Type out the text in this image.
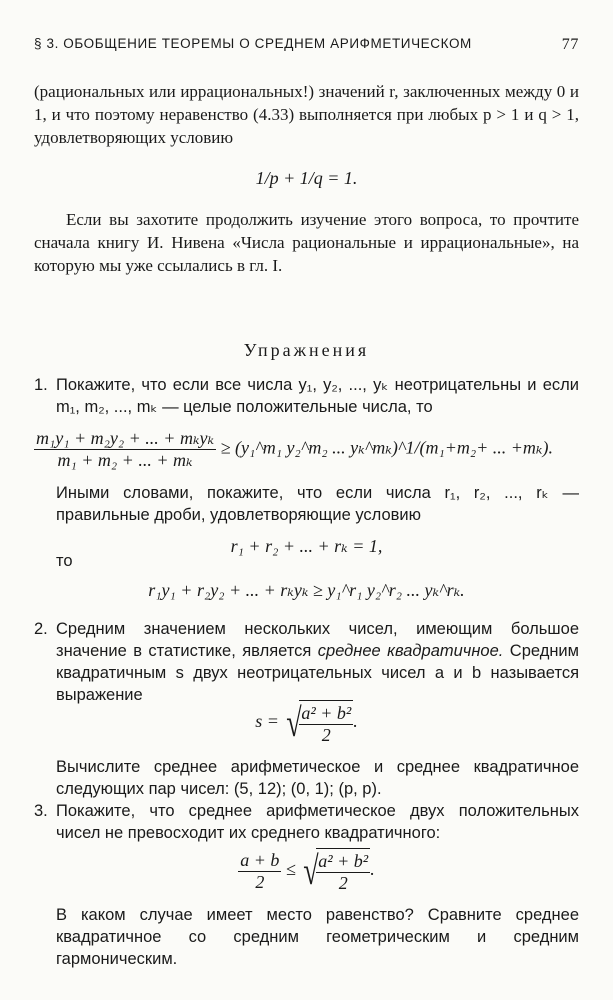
§ 3. ОБОБЩЕНИЕ ТЕОРЕМЫ О СРЕДНЕМ АРИФМЕТИЧЕСКОМ	77
(рациональных или иррациональных!) значений r, заключенных между 0 и 1, и что поэтому неравенство (4.33) выполняется при любых p > 1 и q > 1, удовлетворяющих условию
1/p + 1/q = 1.
Если вы захотите продолжить изучение этого вопроса, то прочтите сначала книгу И. Нивена «Числа рациональные и иррациональные», на которую мы уже ссылались в гл. I.
Упражнения
1. Покажите, что если все числа y₁, y₂, ..., yₖ неотрицательны и если m₁, m₂, ..., mₖ — целые положительные числа, то
$\frac{\text{m₁y₁ + m₂y₂ + ... + mₖyₖ}}{\text{m₁ + m₂ + ... + mₖ}}$ ≥ (y₁^m₁ y₂^m₂ ... yₖ^mₖ)^1/(m₁+m₂+ ... +mₖ).
Иными словами, покажите, что если числа r₁, r₂, ..., rₖ — правильные дроби, удовлетворяющие условию
r₁ + r₂ + ... + rₖ = 1,
то
r₁y₁ + r₂y₂ + ... + rₖyₖ ≥ y₁^r₁ y₂^r₂ ... yₖ^rₖ.
2. Средним значением нескольких чисел, имеющим большое значение в статистике, является среднее квадратичное. Средним квадратичным s двух неотрицательных чисел a и b называется выражение
s = √
$\frac{\text{a² + b²}}{2}$ .
Вычислите среднее арифметическое и среднее квадратичное следующих пар чисел: (5, 12); (0, 1); (p, p).
3. Покажите, что среднее арифметическое двух положительных чисел не превосходит их среднего квадратичного:
$\frac{a + b}{2}$ ≤ √
$\frac{\text{a² + b²}}{2}$ .
В каком случае имеет место равенство? Сравните среднее квадратичное со средним геометрическим и средним гармоническим.
